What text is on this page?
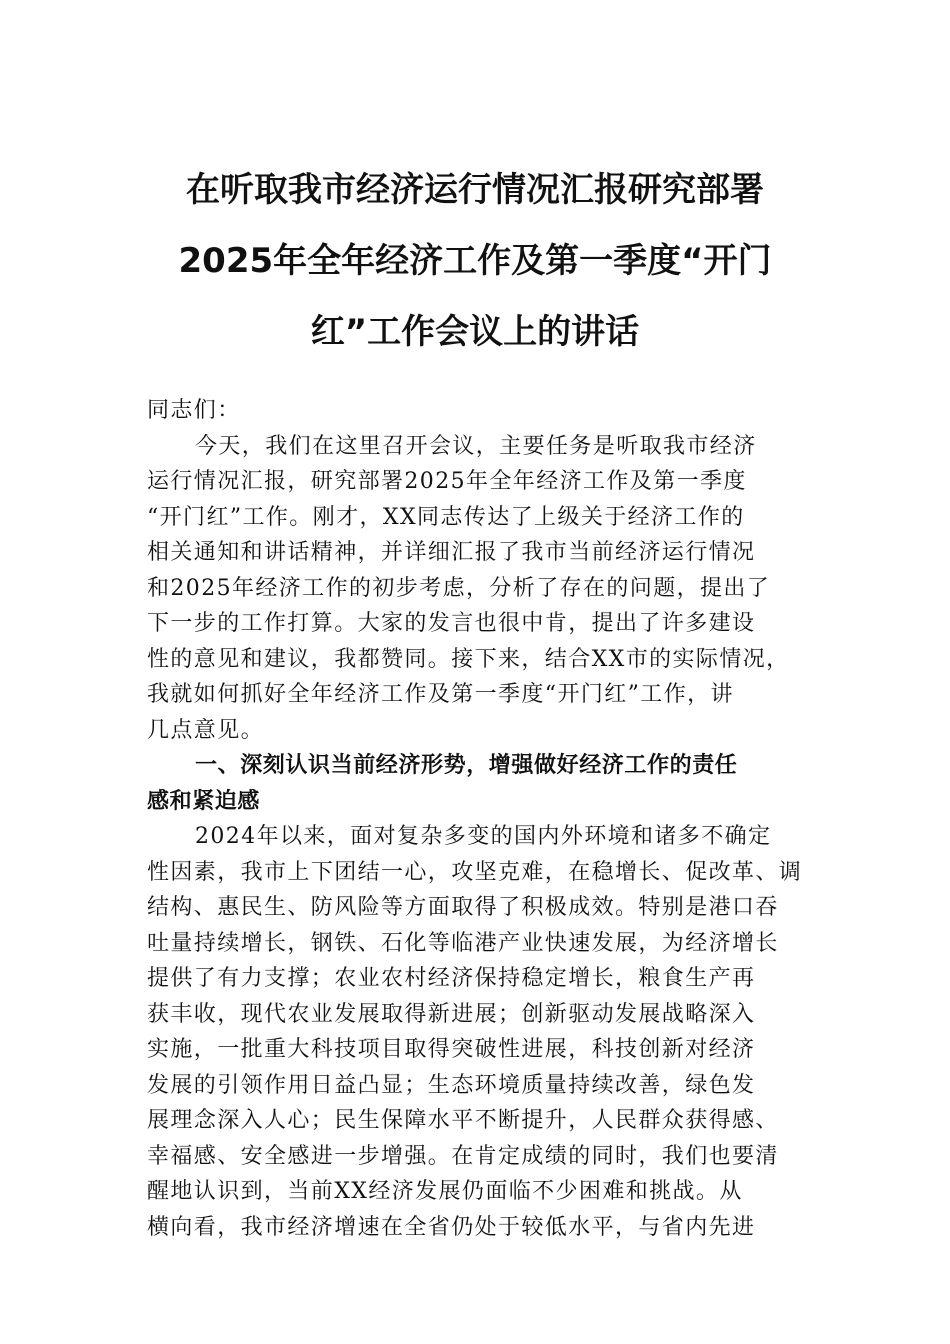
在听取我市经济运行情况汇报研究部署
2025年全年经济工作及第一季度“开门
红”工作会议上的讲话
同志们：
今天，我们在这里召开会议，主要任务是听取我市经济
运行情况汇报，研究部署2025年全年经济工作及第一季度
“开门红”工作。刚才，XX同志传达了上级关于经济工作的
相关通知和讲话精神，并详细汇报了我市当前经济运行情况
和2025年经济工作的初步考虑，分析了存在的问题，提出了
下一步的工作打算。大家的发言也很中肯，提出了许多建设
性的意见和建议，我都赞同。接下来，结合XX市的实际情况，
我就如何抓好全年经济工作及第一季度“开门红”工作，讲
几点意见。
一、深刻认识当前经济形势，增强做好经济工作的责任
感和紧迫感
2024年以来，面对复杂多变的国内外环境和诸多不确定
性因素，我市上下团结一心，攻坚克难，在稳增长、促改革、调
结构、惠民生、防风险等方面取得了积极成效。特别是港口吞
吐量持续增长，钢铁、石化等临港产业快速发展，为经济增长
提供了有力支撑；农业农村经济保持稳定增长，粮食生产再
获丰收，现代农业发展取得新进展；创新驱动发展战略深入
实施，一批重大科技项目取得突破性进展，科技创新对经济
发展的引领作用日益凸显；生态环境质量持续改善，绿色发
展理念深入人心；民生保障水平不断提升，人民群众获得感、
幸福感、安全感进一步增强。在肯定成绩的同时，我们也要清
醒地认识到，当前XX经济发展仍面临不少困难和挑战。从
横向看，我市经济增速在全省仍处于较低水平，与省内先进
